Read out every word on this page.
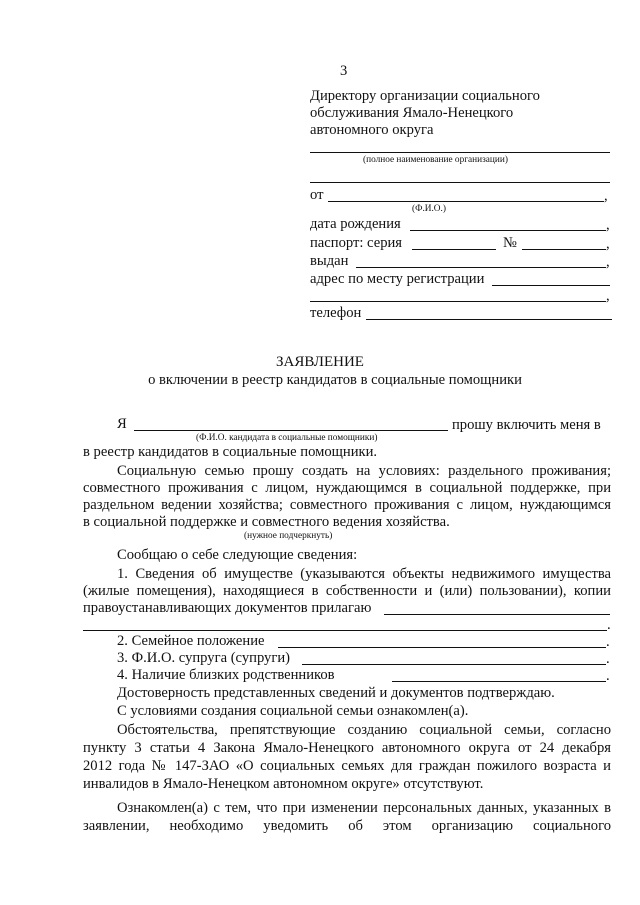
3
Директору организации социального
обслуживания Ямало-Ненецкого
автономного округа
(полное наименование организации)
от	,
(Ф.И.О.)
дата рождения	,
паспорт: серия	№	,
выдан	,
адрес по месту регистрации
,
телефон
ЗАЯВЛЕНИЕ
о включении в реестр кандидатов в социальные помощники
Я	прошу включить меня в
(Ф.И.О. кандидата в социальные помощники)
в реестр кандидатов в социальные помощники.
Социальную семью прошу создать на условиях: раздельного проживания;
совместного проживания с лицом, нуждающимся в социальной поддержке, при
раздельном ведении хозяйства; совместного проживания с лицом, нуждающимся
в социальной поддержке и совместного ведения хозяйства.
(нужное подчеркнуть)
Сообщаю о себе следующие сведения:
1. Сведения об имуществе (указываются объекты недвижимого имущества
(жилые помещения), находящиеся в собственности и (или) пользовании), копии
правоустанавливающих документов прилагаю
.
2. Семейное положение	.
3. Ф.И.О. супруга (супруги)	.
4. Наличие близких родственников	.
Достоверность представленных сведений и документов подтверждаю.
С условиями создания социальной семьи ознакомлен(а).
Обстоятельства, препятствующие созданию социальной семьи, согласно
пункту 3 статьи 4 Закона Ямало-Ненецкого автономного округа от 24 декабря
2012 года № 147-ЗАО «О социальных семьях для граждан пожилого возраста и
инвалидов в Ямало-Ненецком автономном округе» отсутствуют.
Ознакомлен(а) с тем, что при изменении персональных данных, указанных в
заявлении, необходимо уведомить об этом организацию социального
